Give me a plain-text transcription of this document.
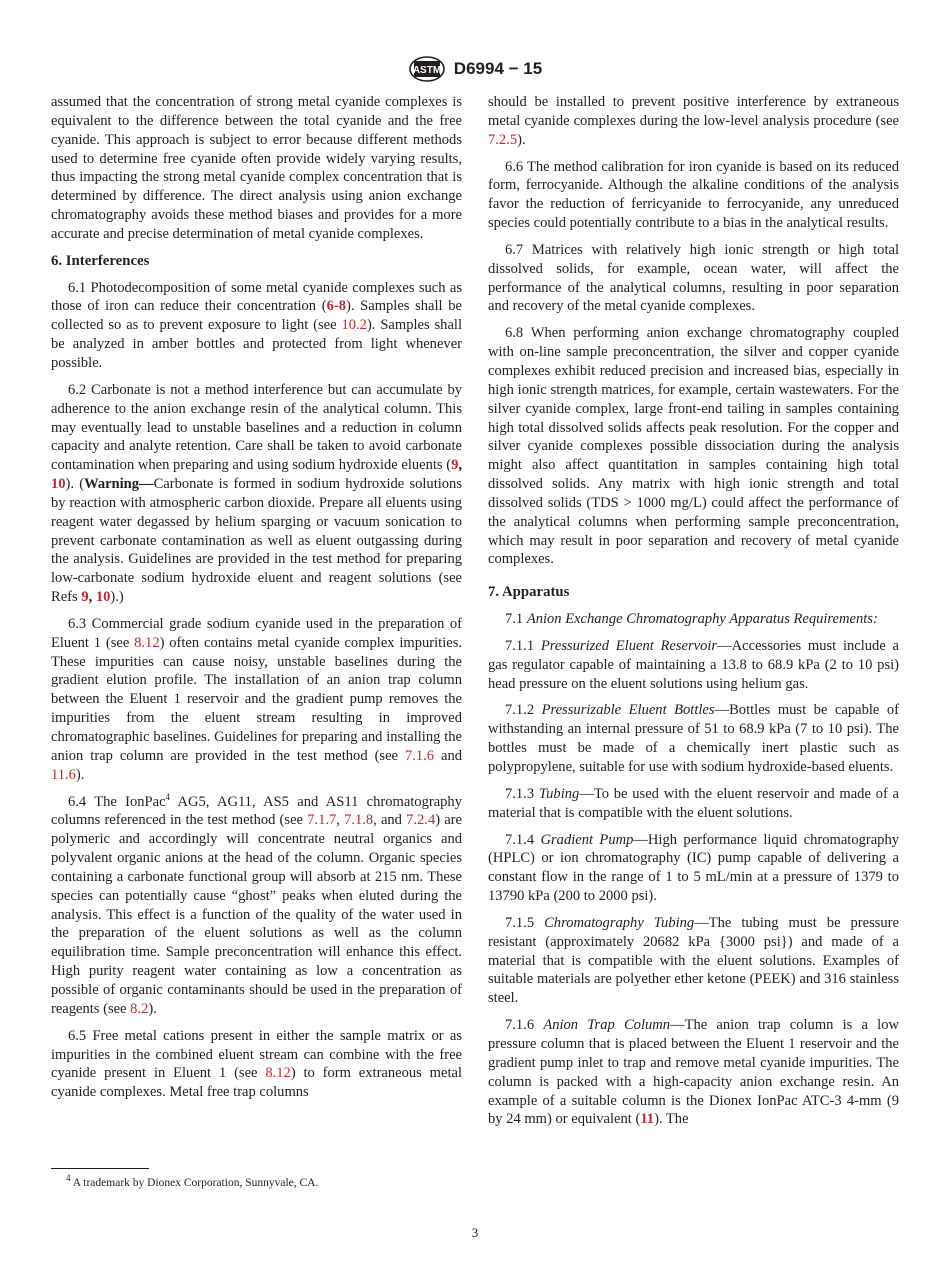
ASTM D6994 − 15

assumed that the concentration of strong metal cyanide complexes is equivalent to the difference between the total cyanide and the free cyanide. This approach is subject to error because different methods used to determine free cyanide often provide widely varying results, thus impacting the strong metal cyanide complex concentration that is determined by difference. The direct analysis using anion exchange chromatography avoids these method biases and provides for a more accurate and precise determination of metal cyanide complexes.

6. Interferences

6.1 Photodecomposition of some metal cyanide complexes such as those of iron can reduce their concentration (6-8). Samples shall be collected so as to prevent exposure to light (see 10.2). Samples shall be analyzed in amber bottles and protected from light whenever possible.

6.2 Carbonate is not a method interference but can accumulate by adherence to the anion exchange resin of the analytical column. This may eventually lead to unstable baselines and a reduction in column capacity and analyte retention. Care shall be taken to avoid carbonate contamination when preparing and using sodium hydroxide eluents (9, 10). (Warning—Carbonate is formed in sodium hydroxide solutions by reaction with atmospheric carbon dioxide. Prepare all eluents using reagent water degassed by helium sparging or vacuum sonication to prevent carbonate contamination as well as eluent outgassing during the analysis. Guidelines are provided in the test method for preparing low-carbonate sodium hydroxide eluent and reagent solutions (see Refs 9, 10).)

6.3 Commercial grade sodium cyanide used in the preparation of Eluent 1 (see 8.12) often contains metal cyanide complex impurities. These impurities can cause noisy, unstable baselines during the gradient elution profile. The installation of an anion trap column between the Eluent 1 reservoir and the gradient pump removes the impurities from the eluent stream resulting in improved chromatographic baselines. Guidelines for preparing and installing the anion trap column are provided in the test method (see 7.1.6 and 11.6).

6.4 The IonPac$^4$ AG5, AG11, AS5 and AS11 chromatography columns referenced in the test method (see 7.1.7, 7.1.8, and 7.2.4) are polymeric and accordingly will concentrate neutral organics and polyvalent organic anions at the head of the column. Organic species containing a carbonate functional group will absorb at 215 nm. These species can potentially cause “ghost” peaks when eluted during the analysis. This effect is a function of the quality of the water used in the preparation of the eluent solutions as well as the column equilibration time. Sample preconcentration will enhance this effect. High purity reagent water containing as low a concentration as possible of organic contaminants should be used in the preparation of reagents (see 8.2).

6.5 Free metal cations present in either the sample matrix or as impurities in the combined eluent stream can combine with the free cyanide present in Eluent 1 (see 8.12) to form extraneous metal cyanide complexes. Metal free trap columns

should be installed to prevent positive interference by extraneous metal cyanide complexes during the low-level analysis procedure (see 7.2.5).

6.6 The method calibration for iron cyanide is based on its reduced form, ferrocyanide. Although the alkaline conditions of the analysis favor the reduction of ferricyanide to ferrocyanide, any unreduced species could potentially contribute to a bias in the analytical results.

6.7 Matrices with relatively high ionic strength or high total dissolved solids, for example, ocean water, will affect the performance of the analytical columns, resulting in poor separation and recovery of the metal cyanide complexes.

6.8 When performing anion exchange chromatography coupled with on-line sample preconcentration, the silver and copper cyanide complexes exhibit reduced precision and increased bias, especially in high ionic strength matrices, for example, certain wastewaters. For the silver cyanide complex, large front-end tailing in samples containing high total dissolved solids affects peak resolution. For the copper and silver cyanide complexes possible dissociation during the analysis might also affect quantitation in samples containing high total dissolved solids. Any matrix with high ionic strength and total dissolved solids (TDS > 1000 mg/L) could affect the performance of the analytical columns when performing sample preconcentration, which may result in poor separation and recovery of metal cyanide complexes.

7. Apparatus

7.1 Anion Exchange Chromatography Apparatus Requirements:

7.1.1 Pressurized Eluent Reservoir—Accessories must include a gas regulator capable of maintaining a 13.8 to 68.9 kPa (2 to 10 psi) head pressure on the eluent solutions using helium gas.

7.1.2 Pressurizable Eluent Bottles—Bottles must be capable of withstanding an internal pressure of 51 to 68.9 kPa (7 to 10 psi). The bottles must be made of a chemically inert plastic such as polypropylene, suitable for use with sodium hydroxide-based eluents.

7.1.3 Tubing—To be used with the eluent reservoir and made of a material that is compatible with the eluent solutions.

7.1.4 Gradient Pump—High performance liquid chromatography (HPLC) or ion chromatography (IC) pump capable of delivering a constant flow in the range of 1 to 5 mL/min at a pressure of 1379 to 13790 kPa (200 to 2000 psi).

7.1.5 Chromatography Tubing—The tubing must be pressure resistant (approximately 20682 kPa {3000 psi}) and made of a material that is compatible with the eluent solutions. Examples of suitable materials are polyether ether ketone (PEEK) and 316 stainless steel.

7.1.6 Anion Trap Column—The anion trap column is a low pressure column that is placed between the Eluent 1 reservoir and the gradient pump inlet to trap and remove metal cyanide impurities. The column is packed with a high-capacity anion exchange resin. An example of a suitable column is the Dionex IonPac ATC-3 4-mm (9 by 24 mm) or equivalent (11). The

$^4$ A trademark by Dionex Corporation, Sunnyvale, CA.
3
